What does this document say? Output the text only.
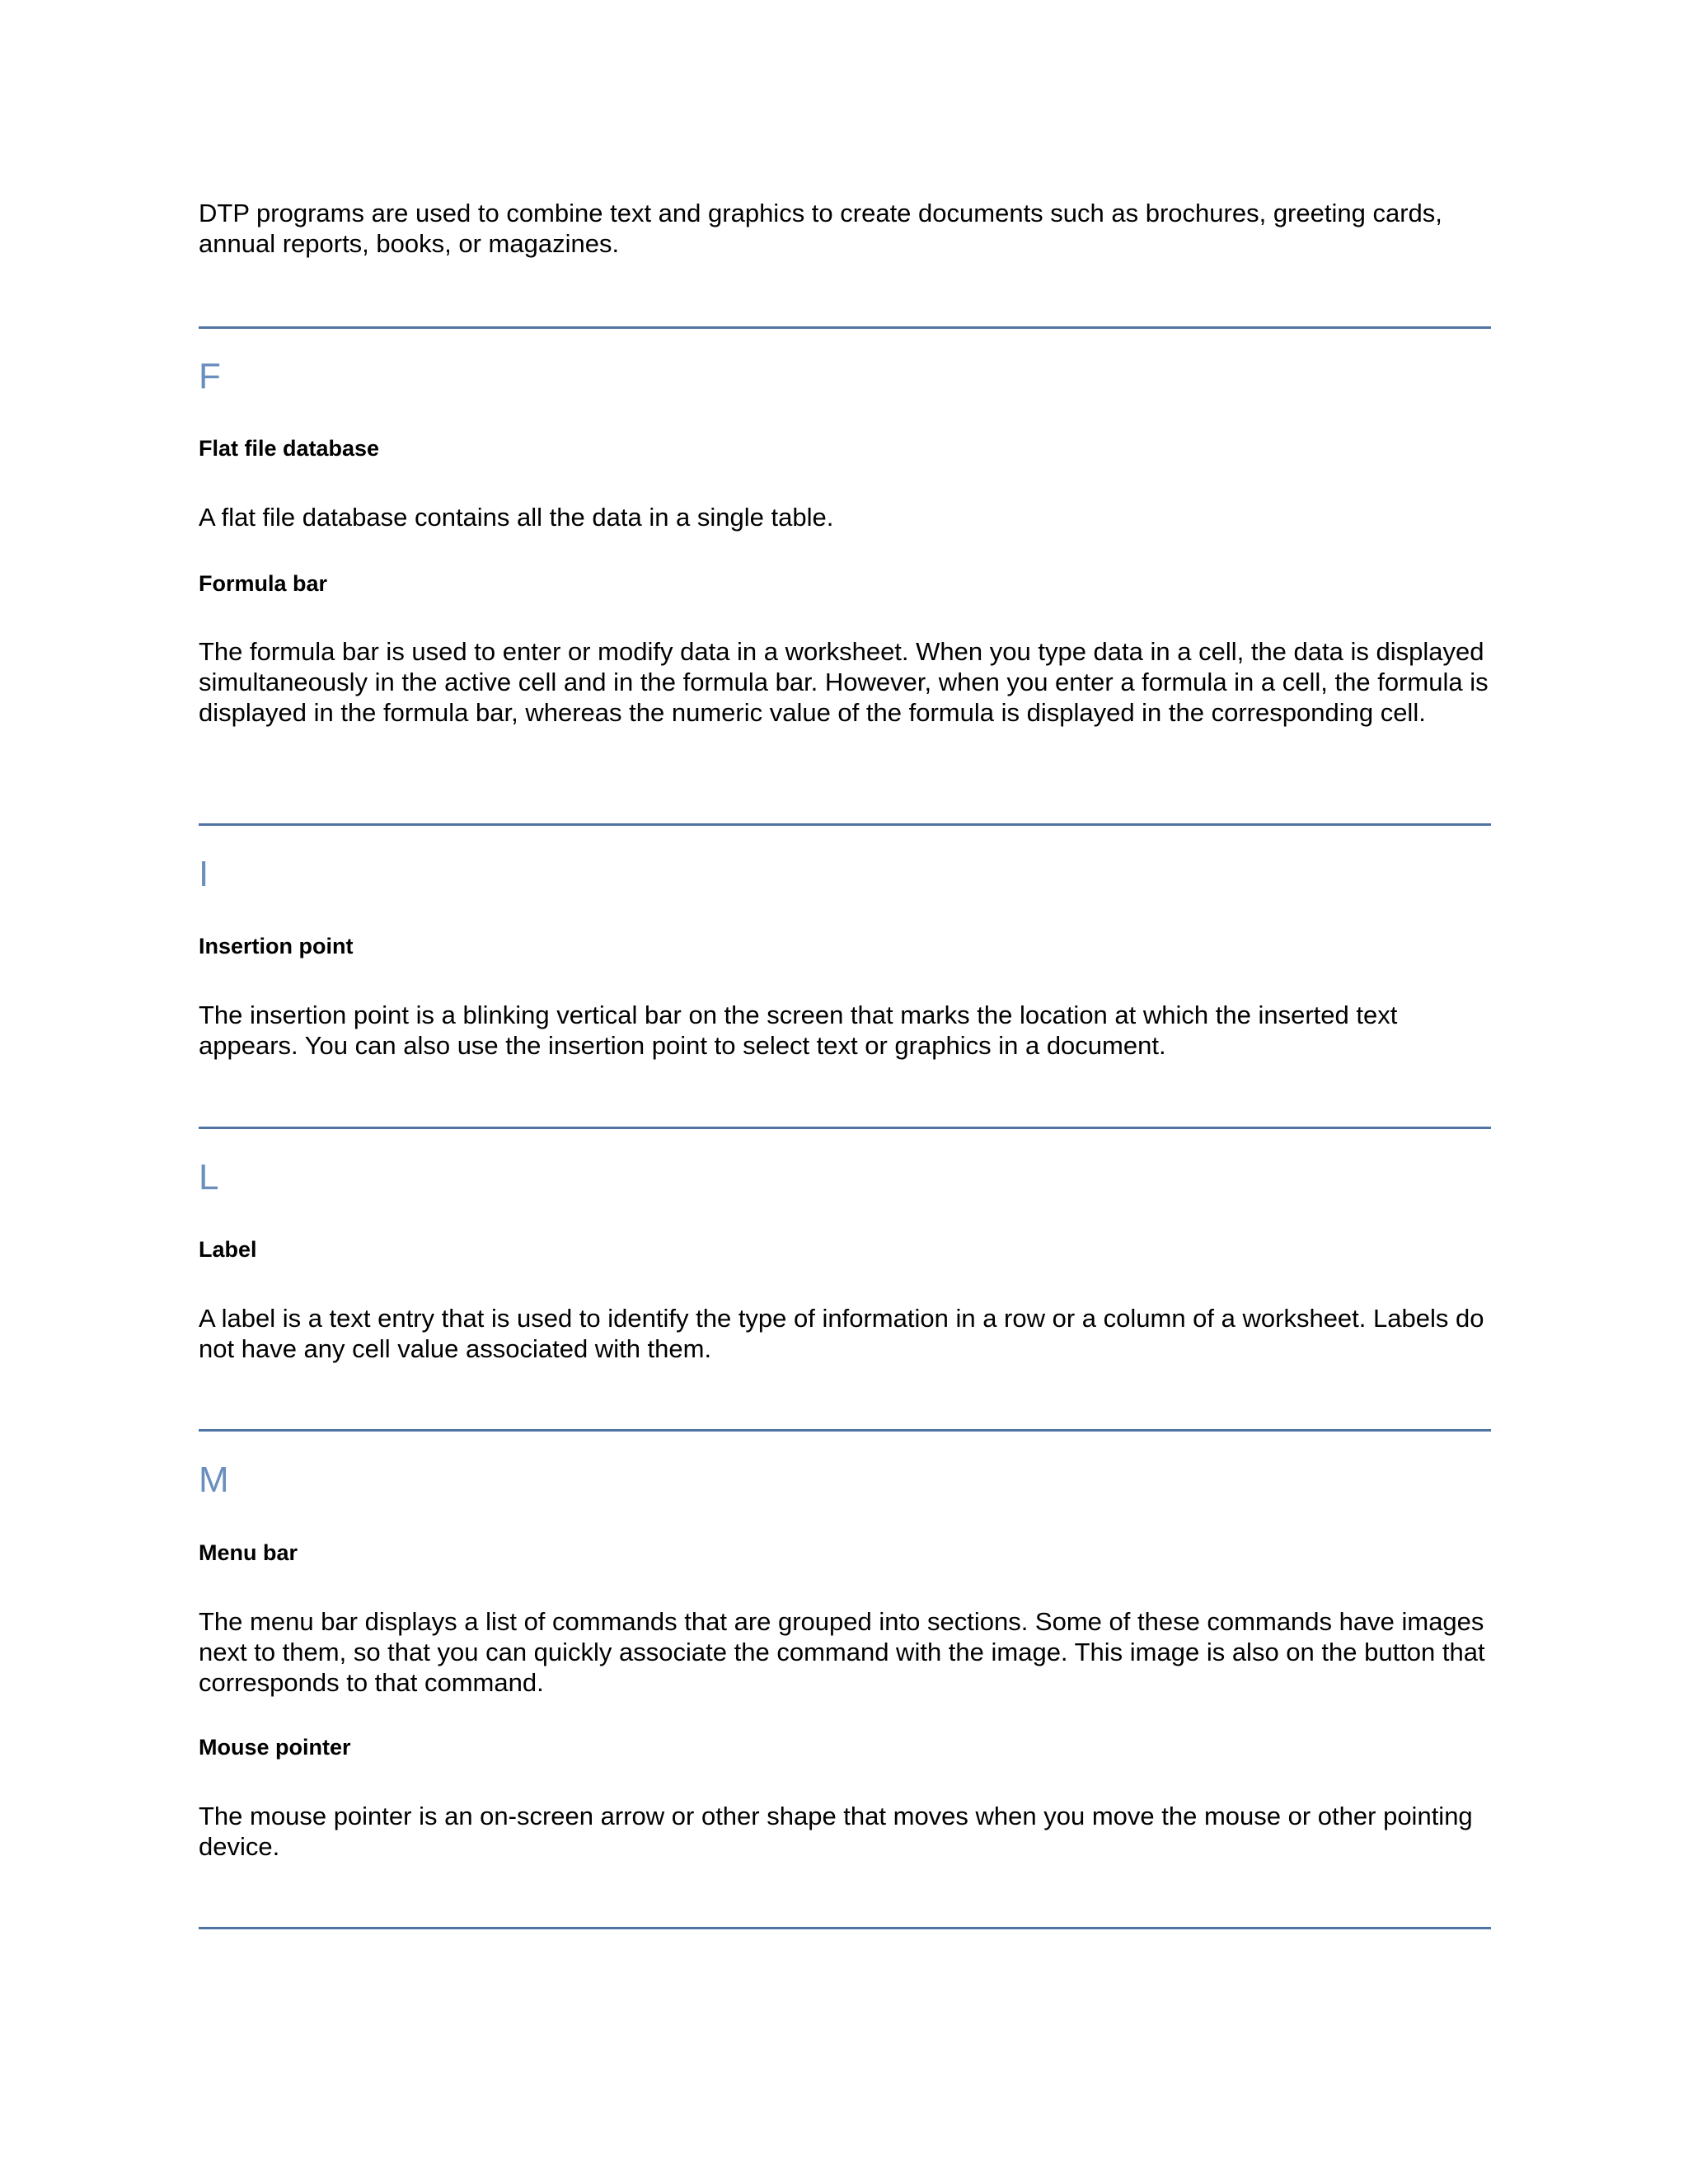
DTP programs are used to combine text and graphics to create documents such as brochures, greeting cards, annual reports, books, or magazines.

F

Flat file database

A flat file database contains all the data in a single table.

Formula bar

The formula bar is used to enter or modify data in a worksheet. When you type data in a cell, the data is displayed simultaneously in the active cell and in the formula bar. However, when you enter a formula in a cell, the formula is displayed in the formula bar, whereas the numeric value of the formula is displayed in the corresponding cell.

I

Insertion point

The insertion point is a blinking vertical bar on the screen that marks the location at which the inserted text appears. You can also use the insertion point to select text or graphics in a document.

L

Label

A label is a text entry that is used to identify the type of information in a row or a column of a worksheet. Labels do not have any cell value associated with them.

M

Menu bar

The menu bar displays a list of commands that are grouped into sections. Some of these commands have images next to them, so that you can quickly associate the command with the image. This image is also on the button that corresponds to that command.

Mouse pointer

The mouse pointer is an on-screen arrow or other shape that moves when you move the mouse or other pointing device.
